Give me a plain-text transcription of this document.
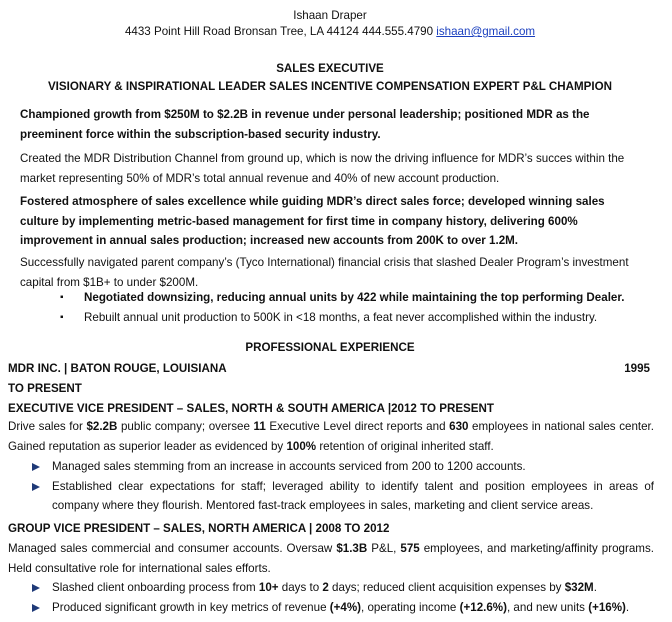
Ishaan Draper
4433 Point Hill Road Bronsan Tree, LA 44124 444.555.4790 ishaan@gmail.com
SALES EXECUTIVE
VISIONARY & INSPIRATIONAL LEADER SALES INCENTIVE COMPENSATION EXPERT P&L CHAMPION
Championed growth from $250M to $2.2B in revenue under personal leadership; positioned MDR as the preeminent force within the subscription-based security industry.
Created the MDR Distribution Channel from ground up, which is now the driving influence for MDR’s succes within the market representing 50% of MDR’s total annual revenue and 40% of new account production.
Fostered atmosphere of sales excellence while guiding MDR’s direct sales force; developed winning sales culture by implementing metric-based management for first time in company history, delivering 600% improvement in annual sales production; increased new accounts from 200K to over 1.2M.
Successfully navigated parent company’s (Tyco International) financial crisis that slashed Dealer Program’s investment capital from $1B+ to under $200M.
▪ Negotiated downsizing, reducing annual units by 422 while maintaining the top performing Dealer.
▪ Rebuilt annual unit production to 500K in <18 months, a feat never accomplished within the industry.
PROFESSIONAL EXPERIENCE
MDR INC. | BATON ROUGE, LOUISIANA
TO PRESENT
1995
EXECUTIVE VICE PRESIDENT – SALES, NORTH & SOUTH AMERICA |2012 TO PRESENT
Drive sales for $2.2B public company; oversee 11 Executive Level direct reports and 630 employees in national sales center. Gained reputation as superior leader as evidenced by 100% retention of original inherited staff.
Managed sales stemming from an increase in accounts serviced from 200 to 1200 accounts.
Established clear expectations for staff; leveraged ability to identify talent and position employees in areas of company where they flourish. Mentored fast-track employees in sales, marketing and client service areas.
GROUP VICE PRESIDENT – SALES, NORTH AMERICA | 2008 TO 2012
Managed sales commercial and consumer accounts. Oversaw $1.3B P&L, 575 employees, and marketing/affinity programs. Held consultative role for international sales efforts.
Slashed client onboarding process from 10+ days to 2 days; reduced client acquisition expenses by $32M.
Produced significant growth in key metrics of revenue (+4%), operating income (+12.6%), and new units (+16%).
